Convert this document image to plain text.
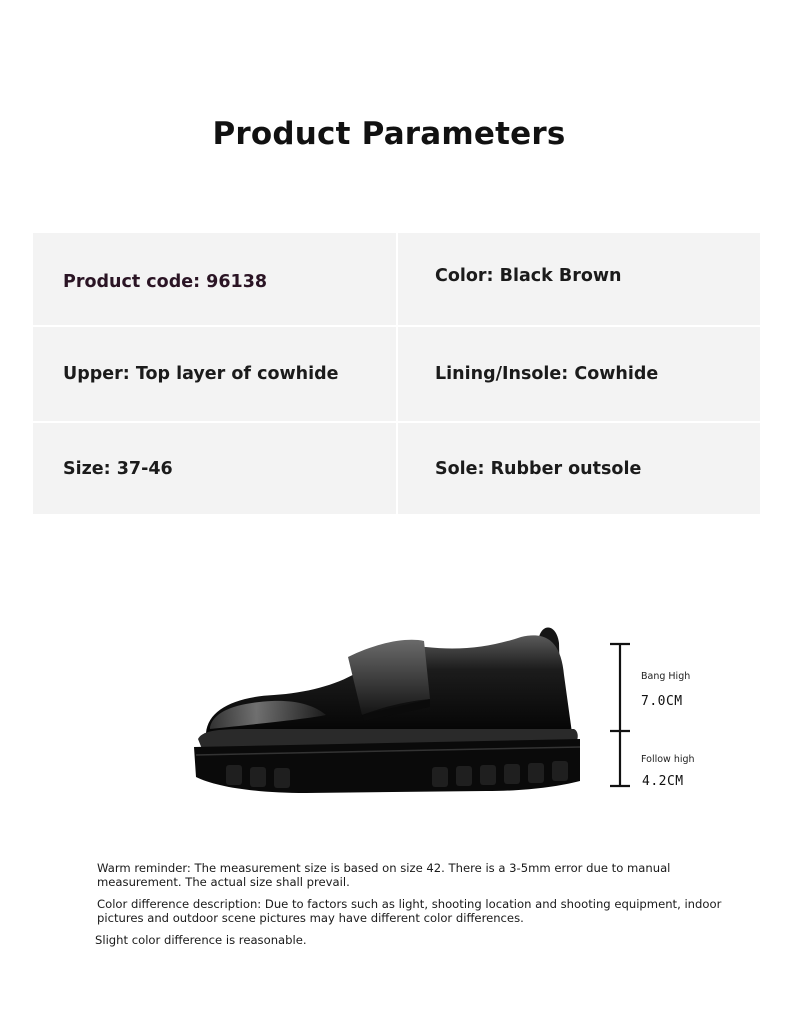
Product Parameters
Product code: 96138	Color: Black Brown
Upper: Top layer of cowhide	Lining/Insole: Cowhide
Size: 37-46	Sole: Rubber outsole
Bang High
7.0CM
Follow high
4.2CM

Warm reminder: The measurement size is based on size 42. There is a 3-5mm error due to manual measurement. The actual size shall prevail.

Color difference description: Due to factors such as light, shooting location and shooting equipment, indoor pictures and outdoor scene pictures may have different color differences.

Slight color difference is reasonable.
